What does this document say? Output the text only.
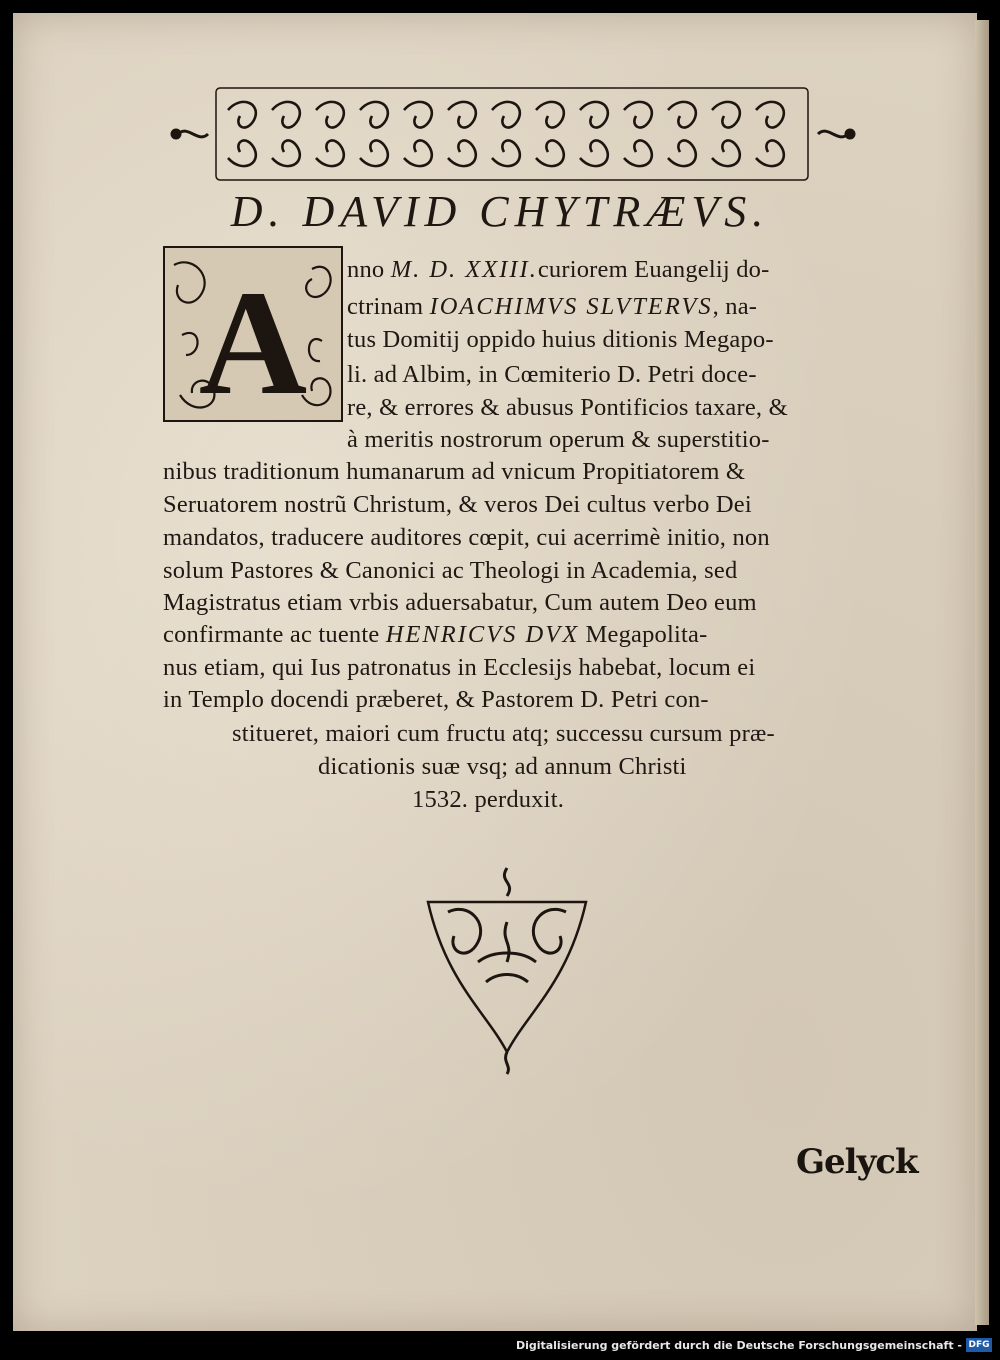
D. DAVID CHYTRÆVS.
A nno M. D. XXIII.curiorem Euangelij do-
ctrinam IOACHIMVS SLVTERVS, na-
tus Domitij oppido huius ditionis Megapo-
li. ad Albim, in Cœmiterio D. Petri doce-
re, & errores & abusus Pontificios taxare, &
à meritis nostrorum operum & superstitio-
nibus traditionum humanarum ad vnicum Propitiatorem &
Seruatorem nostrũ Christum, & veros Dei cultus verbo Dei
mandatos, traducere auditores cœpit, cui acerrimè initio, non
solum Pastores & Canonici ac Theologi in Academia, sed
Magistratus etiam vrbis aduersabatur, Cum autem Deo eum
confirmante ac tuente HENRICVS DVX Megapolita-
nus etiam, qui Ius patronatus in Ecclesijs habebat, locum ei
in Templo docendi præberet, & Pastorem D. Petri con-
stitueret, maiori cum fructu atq; successu cursum præ-
dicationis suæ vsq; ad annum Christi
1532. perduxit.
Gelyck
Digitalisierung gefördert durch die Deutsche Forschungsgemeinschaft - DFG
